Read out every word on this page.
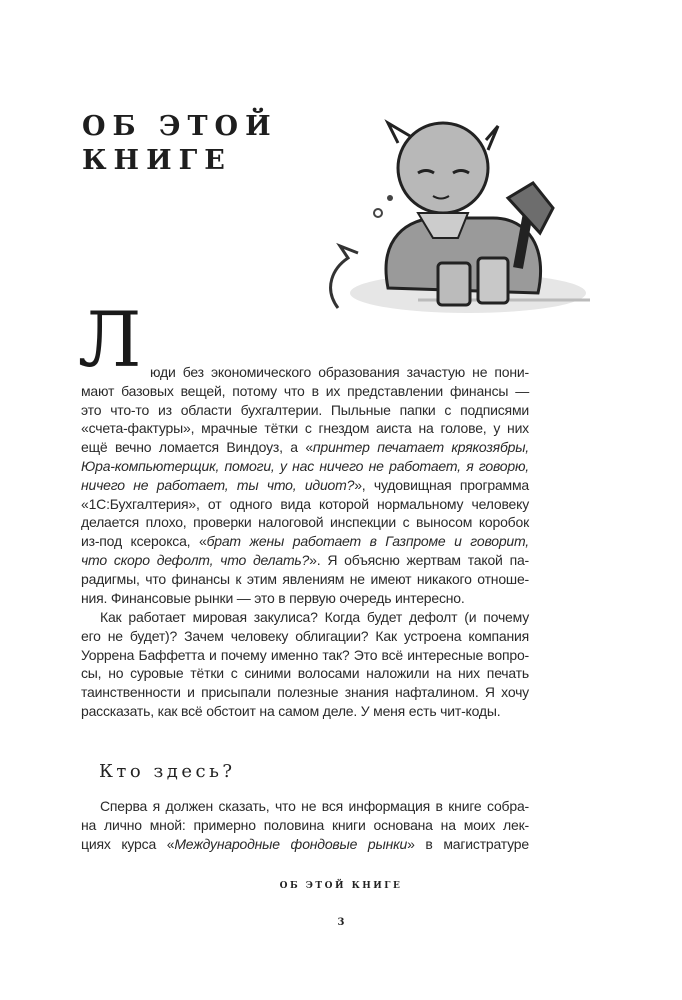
ОБ ЭТОЙ
КНИГЕ
Л юди без экономического образования зачастую не пони-
мают базовых вещей, потому что в их представлении финансы —
это что-то из области бухгалтерии. Пыльные папки с подписями
«счета-фактуры», мрачные тётки с гнездом аиста на голове, у них
ещё вечно ломается Виндоуз, а «принтер печатает крякозябры,
Юра-компьютерщик, помоги, у нас ничего не работает, я говорю,
ничего не работает, ты что, идиот?», чудовищная программа
«1С:Бухгалтерия», от одного вида которой нормальному человеку
делается плохо, проверки налоговой инспекции с выносом коробок
из-под ксерокса, «брат жены работает в Газпроме и говорит,
что скоро дефолт, что делать?». Я объясню жертвам такой па-
радигмы, что финансы к этим явлениям не имеют никакого отноше-
ния. Финансовые рынки — это в первую очередь интересно.
Как работает мировая закулиса? Когда будет дефолт (и почему
его не будет)? Зачем человеку облигации? Как устроена компания
Уоррена Баффетта и почему именно так? Это всё интересные вопро-
сы, но суровые тётки с синими волосами наложили на них печать
таинственности и присыпали полезные знания нафталином. Я хочу
рассказать, как всё обстоит на самом деле. У меня есть чит-коды.
Сперва я должен сказать, что не вся информация в книге собра-
на лично мной: примерно половина книги основана на моих лек-
циях курса «Международные фондовые рынки» в магистратуре
Кто здесь?
ОБ ЭТОЙ КНИГЕ
3
